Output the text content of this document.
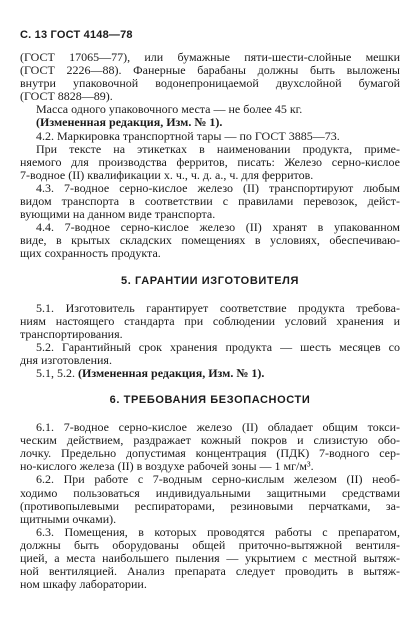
С. 13 ГОСТ 4148—78
(ГОСТ 17065—77), или бумажные пяти-шести-слойные мешки
(ГОСТ 2226—88). Фанерные барабаны должны быть выложены
внутри упаковочной водонепроницаемой двухслойной бумагой
(ГОСТ 8828—89).
Масса одного упаковочного места — не более 45 кг.
(Измененная редакция, Изм. № 1).
4.2. Маркировка транспортной тары — по ГОСТ 3885—73.
При тексте на этикетках в наименовании продукта, приме-
няемого для производства ферритов, писать: Железо серно-кислое
7-водное (II) квалификации х. ч., ч. д. а., ч. для ферритов.
4.3. 7-водное серно-кислое железо (II) транспортируют любым
видом транспорта в соответствии с правилами перевозок, дейст-
вующими на данном виде транспорта.
4.4. 7-водное серно-кислое железо (II) хранят в упакованном
виде, в крытых складских помещениях в условиях, обеспечиваю-
щих сохранность продукта.
5. ГАРАНТИИ ИЗГОТОВИТЕЛЯ
5.1. Изготовитель гарантирует соответствие продукта требова-
ниям настоящего стандарта при соблюдении условий хранения и
транспортирования.
5.2. Гарантийный срок хранения продукта — шесть месяцев со
дня изготовления.
5.1, 5.2. (Измененная редакция, Изм. № 1).
6. ТРЕБОВАНИЯ БЕЗОПАСНОСТИ
6.1. 7-водное серно-кислое железо (II) обладает общим токси-
ческим действием, раздражает кожный покров и слизистую обо-
лочку. Предельно допустимая концентрация (ПДК) 7-водного сер-
но-кислого железа (II) в воздухе рабочей зоны — 1 мг/м³.
6.2. При работе с 7-водным серно-кислым железом (II) необ-
ходимо пользоваться индивидуальными защитными средствами
(противопылевыми респираторами, резиновыми перчатками, за-
щитными очками).
6.3. Помещения, в которых проводятся работы с препаратом,
должны быть оборудованы общей приточно-вытяжной вентиля-
цией, а места наибольшего пыления — укрытием с местной вытяж-
ной вентиляцией. Анализ препарата следует проводить в вытяж-
ном шкафу лаборатории.
